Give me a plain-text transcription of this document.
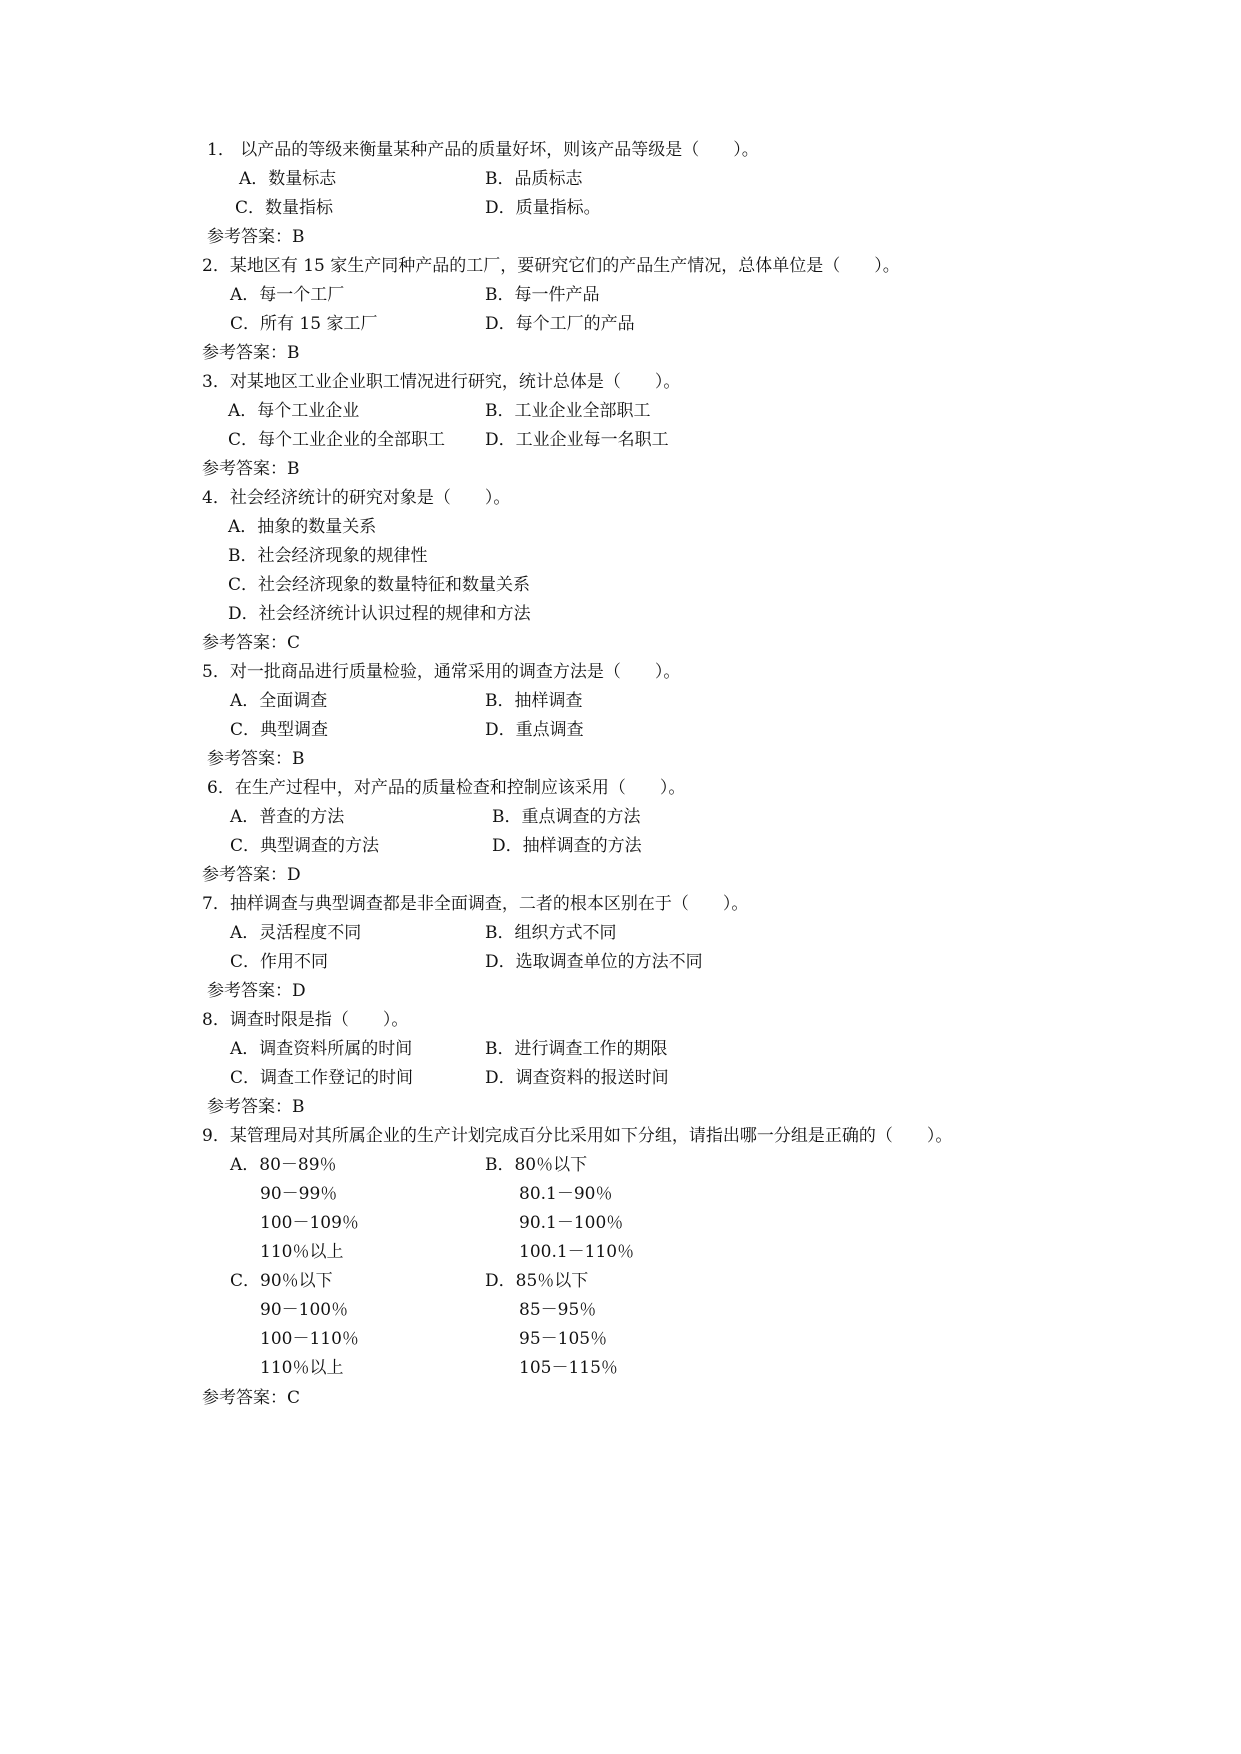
1． 以产品的等级来衡量某种产品的质量好坏，则该产品等级是（　　）。
A．数量标志	B．品质标志
C．数量指标	D．质量指标。
参考答案：B
2．某地区有 15 家生产同种产品的工厂，要研究它们的产品生产情况，总体单位是（　　）。
A．每一个工厂	B．每一件产品
C．所有 15 家工厂	D．每个工厂的产品
参考答案：B
3．对某地区工业企业职工情况进行研究，统计总体是（　　）。
A．每个工业企业	B．工业企业全部职工
C．每个工业企业的全部职工 D．工业企业每一名职工
参考答案：B
4．社会经济统计的研究对象是（　　）。
A．抽象的数量关系
B．社会经济现象的规律性
C．社会经济现象的数量特征和数量关系
D．社会经济统计认识过程的规律和方法
参考答案：C
5．对一批商品进行质量检验，通常采用的调查方法是（　　）。
A．全面调查	B．抽样调查
C．典型调查	D．重点调查
参考答案：B
6．在生产过程中，对产品的质量检查和控制应该采用（　　）。
A．普查的方法	B．重点调查的方法
C．典型调查的方法	D．抽样调查的方法
参考答案：D
7．抽样调查与典型调查都是非全面调查，二者的根本区别在于（　　）。
A．灵活程度不同	B．组织方式不同
C．作用不同	D．选取调查单位的方法不同
参考答案：D
8．调查时限是指（　　）。
A．调查资料所属的时间	B．进行调查工作的期限
C．调查工作登记的时间	D．调查资料的报送时间
参考答案：B
9．某管理局对其所属企业的生产计划完成百分比采用如下分组，请指出哪一分组是正确的（　　）。
A．80－89％
90－99％
100－109％
110％以上
B．80％以下
80.1－90％
90.1－100％
100.1－110％
C．90％以下
90－100％
100－110％
110％以上
D．85％以下
85－95％
95－105％
105－115％
参考答案：C
